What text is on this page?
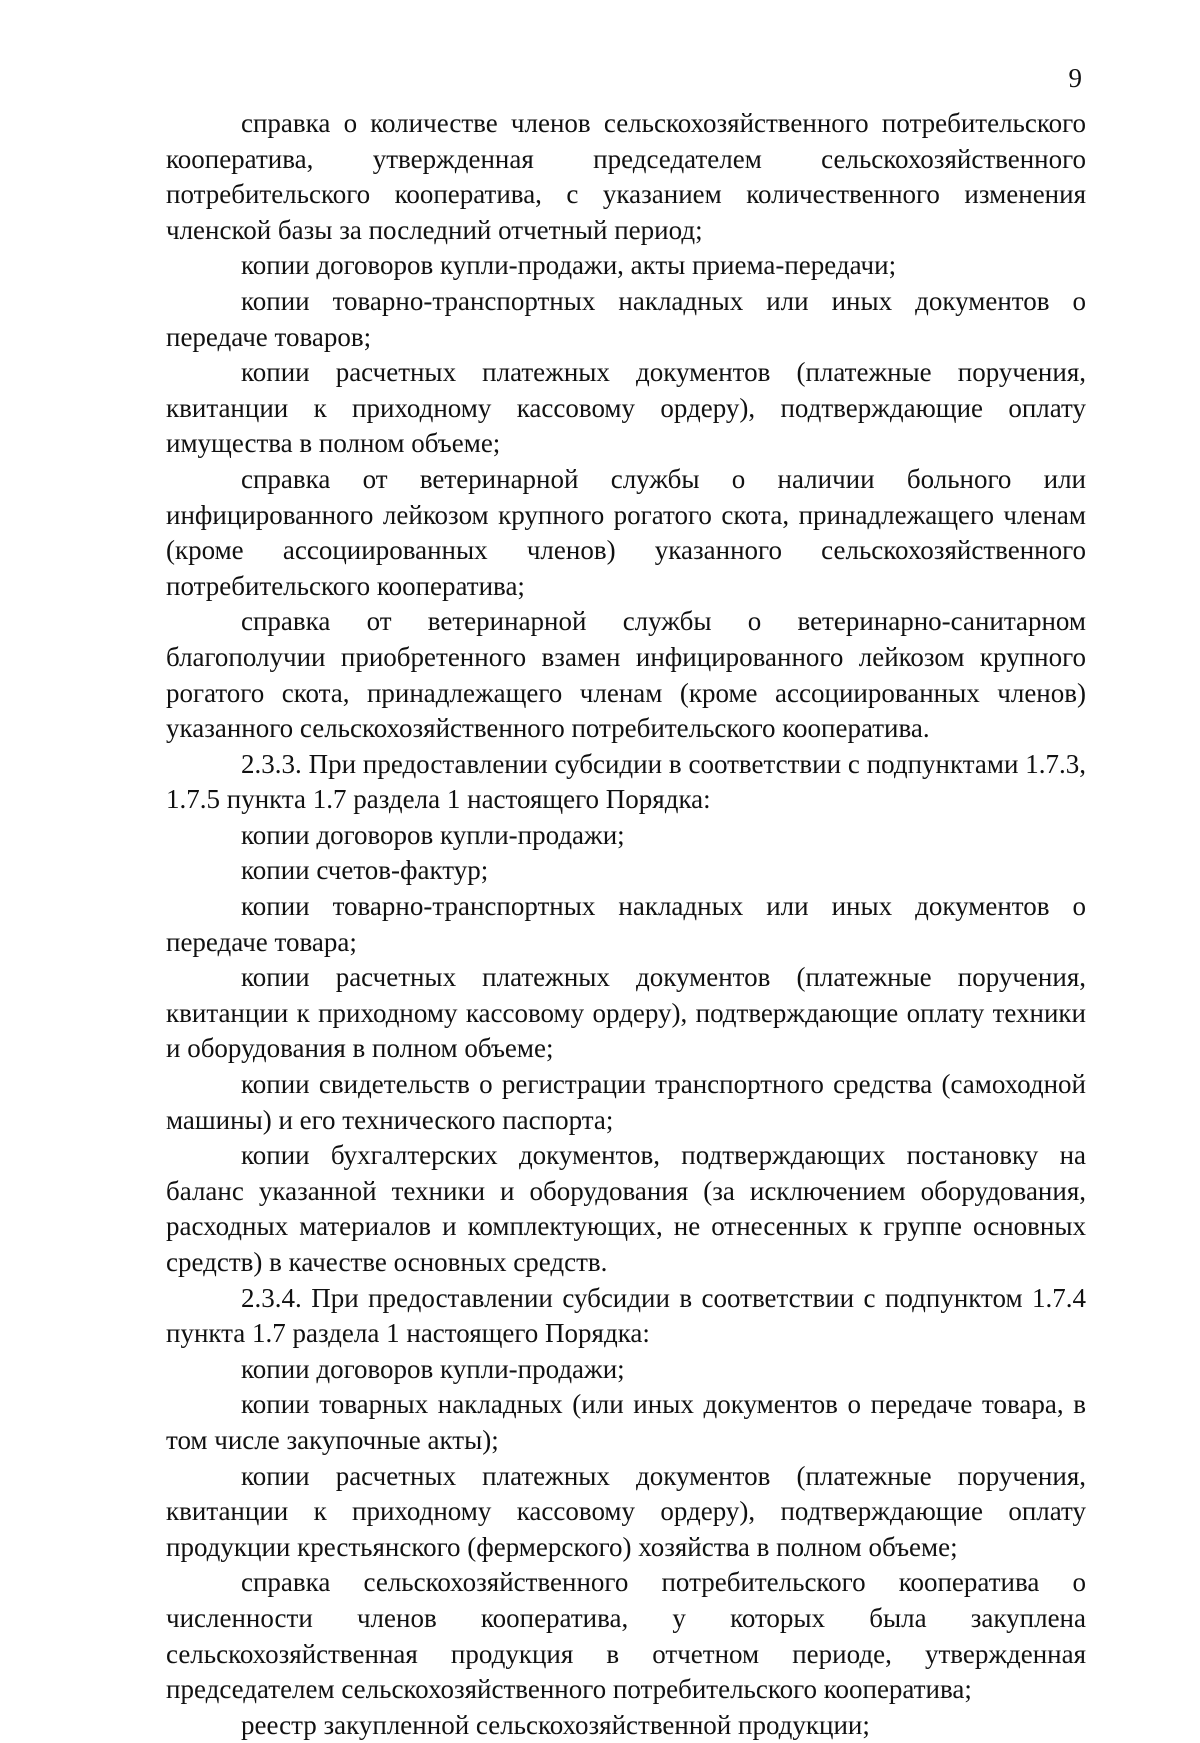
9

справка о количестве членов сельскохозяйственного потребительского кооператива, утвержденная председателем сельскохозяйственного потребительского кооператива, с указанием количественного изменения членской базы за последний отчетный период;

копии договоров купли-продажи, акты приема-передачи;

копии товарно-транспортных накладных или иных документов о передаче товаров;

копии расчетных платежных документов (платежные поручения, квитанции к приходному кассовому ордеру), подтверждающие оплату имущества в полном объеме;

справка от ветеринарной службы о наличии больного или инфицированного лейкозом крупного рогатого скота, принадлежащего членам (кроме ассоциированных членов) указанного сельскохозяйственного потребительского кооператива;

справка от ветеринарной службы о ветеринарно-санитарном благополучии приобретенного взамен инфицированного лейкозом крупного рогатого скота, принадлежащего членам (кроме ассоциированных членов) указанного сельскохозяйственного потребительского кооператива.

2.3.3. При предоставлении субсидии в соответствии с подпунктами 1.7.3, 1.7.5 пункта 1.7 раздела 1 настоящего Порядка:

копии договоров купли-продажи;

копии счетов-фактур;

копии товарно-транспортных накладных или иных документов о передаче товара;

копии расчетных платежных документов (платежные поручения, квитанции к приходному кассовому ордеру), подтверждающие оплату техники и оборудования в полном объеме;

копии свидетельств о регистрации транспортного средства (самоходной машины) и его технического паспорта;

копии бухгалтерских документов, подтверждающих постановку на баланс указанной техники и оборудования (за исключением оборудования, расходных материалов и комплектующих, не отнесенных к группе основных средств) в качестве основных средств.

2.3.4. При предоставлении субсидии в соответствии с подпунктом 1.7.4 пункта 1.7 раздела 1 настоящего Порядка:

копии договоров купли-продажи;

копии товарных накладных (или иных документов о передаче товара, в том числе закупочные акты);

копии расчетных платежных документов (платежные поручения, квитанции к приходному кассовому ордеру), подтверждающие оплату продукции крестьянского (фермерского) хозяйства в полном объеме;

справка сельскохозяйственного потребительского кооператива о численности членов кооператива, у которых была закуплена сельскохозяйственная продукция в отчетном периоде, утвержденная председателем сельскохозяйственного потребительского кооператива;

реестр закупленной сельскохозяйственной продукции;
